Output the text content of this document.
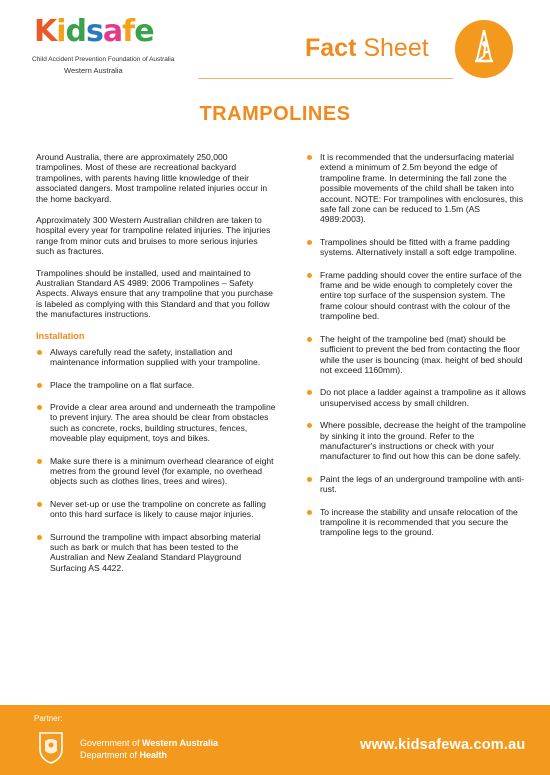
Kidsafe
Child Accident Prevention Foundation of Australia
Western Australia
Fact Sheet
TRAMPOLINES

Around Australia, there are approximately 250,000 trampolines. Most of these are recreational backyard trampolines, with parents having little knowledge of their associated dangers. Most trampoline related injuries occur in the home backyard.

Approximately 300 Western Australian children are taken to hospital every year for trampoline related injuries. The injuries range from minor cuts and bruises to more serious injuries such as fractures.

Trampolines should be installed, used and maintained to Australian Standard AS 4989: 2006 Trampolines – Safety Aspects. Always ensure that any trampoline that you purchase is labeled as complying with this Standard and that you follow the manufactures instructions.

Installation
Always carefully read the safety, installation and maintenance information supplied with your trampoline.
Place the trampoline on a flat surface.
Provide a clear area around and underneath the trampoline to prevent injury. The area should be clear from obstacles such as concrete, rocks, building structures, fences, moveable play equipment, toys and bikes.
Make sure there is a minimum overhead clearance of eight metres from the ground level (for example, no overhead objects such as clothes lines, trees and wires).
Never set-up or use the trampoline on concrete as falling onto this hard surface is likely to cause major injuries.
Surround the trampoline with impact absorbing material such as bark or mulch that has been tested to the Australian and New Zealand Standard Playground Surfacing AS 4422.
It is recommended that the undersurfacing material extend a minimum of 2.5m beyond the edge of trampoline frame. In determining the fall zone the possible movements of the child shall be taken into account. NOTE: For trampolines with enclosures, this safe fall zone can be reduced to 1.5m (AS 4989:2003).
Trampolines should be fitted with a frame padding systems. Alternatively install a soft edge trampoline.
Frame padding should cover the entire surface of the frame and be wide enough to completely cover the entire top surface of the suspension system. The frame colour should contrast with the colour of the trampoline bed.
The height of the trampoline bed (mat) should be sufficient to prevent the bed from contacting the floor while the user is bouncing (max. height of bed should not exceed 1160mm).
Do not place a ladder against a trampoline as it allows unsupervised access by small children.
Where possible, decrease the height of the trampoline by sinking it into the ground. Refer to the manufacturer's instructions or check with your manufacturer to find out how this can be done safely.
Paint the legs of an underground trampoline with anti-rust.
To increase the stability and unsafe relocation of the trampoline it is recommended that you secure the trampoline legs to the ground.
Partner:
Government of Western Australia
Department of Health
www.kidsafewa.com.au
